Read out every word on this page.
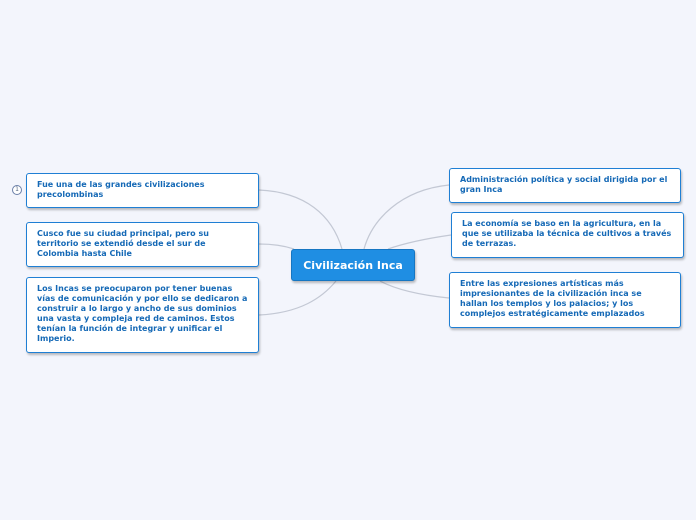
1
Fue una de las grandes civilizaciones precolombinas
Cusco fue su ciudad principal, pero su territorio se extendió desde el sur de Colombia hasta Chile
Los Incas se preocuparon por tener buenas vías de comunicación y por ello se dedicaron a construir a lo largo y ancho de sus dominios una vasta y compleja red de caminos. Estos tenían la función de integrar y unificar el Imperio.
Civilización Inca
Administración política y social dirigida por el gran Inca
La economía se baso en la agricultura, en la que se utilizaba la técnica de cultivos a través de terrazas.
Entre las expresiones artísticas más impresionantes de la civilización inca se hallan los templos y los palacios; y los complejos estratégicamente emplazados
